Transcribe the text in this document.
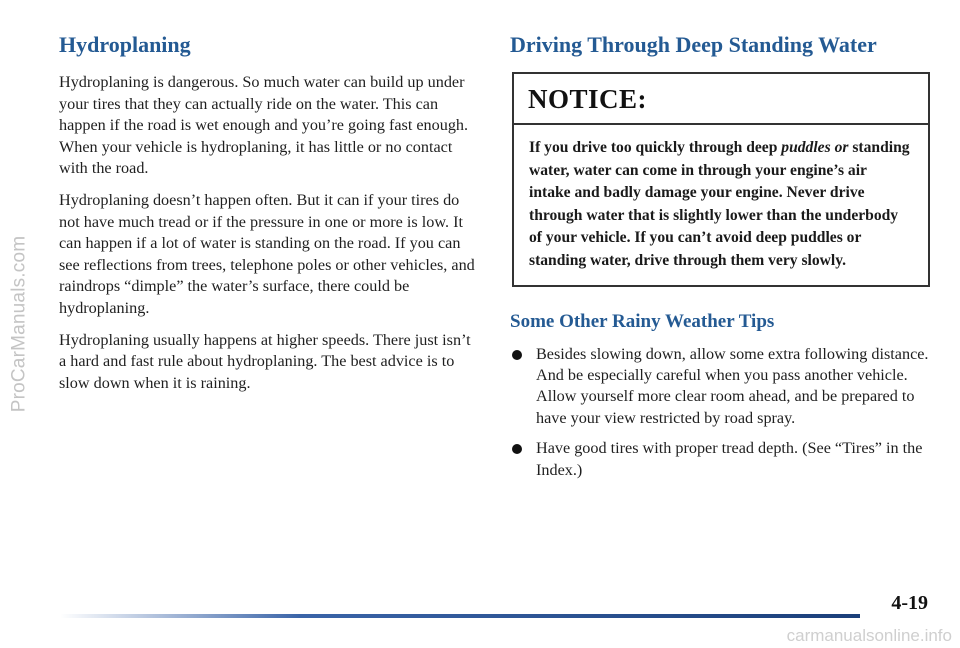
ProCarManuals.com
Hydroplaning

Hydroplaning is dangerous. So much water can build up under your tires that they can actually ride on the water. This can happen if the road is wet enough and you’re going fast enough. When your vehicle is hydroplaning, it has little or no contact with the road.

Hydroplaning doesn’t happen often. But it can if your tires do not have much tread or if the pressure in one or more is low. It can happen if a lot of water is standing on the road. If you can see reflections from trees, telephone poles or other vehicles, and raindrops “dimple” the water’s surface, there could be hydroplaning.

Hydroplaning usually happens at higher speeds. There just isn’t a hard and fast rule about hydroplaning. The best advice is to slow down when it is raining.

Driving Through Deep Standing Water
NOTICE:
If you drive too quickly through deep puddles or standing water, water can come in through your engine’s air intake and badly damage your engine. Never drive through water that is slightly lower than the underbody of your vehicle. If you can’t avoid deep puddles or standing water, drive through them very slowly.
Some Other Rainy Weather Tips
Besides slowing down, allow some extra following distance. And be especially careful when you pass another vehicle. Allow yourself more clear room ahead, and be prepared to have your view restricted by road spray.
Have good tires with proper tread depth. (See “Tires” in the Index.)
4-19
carmanualsonline.info
